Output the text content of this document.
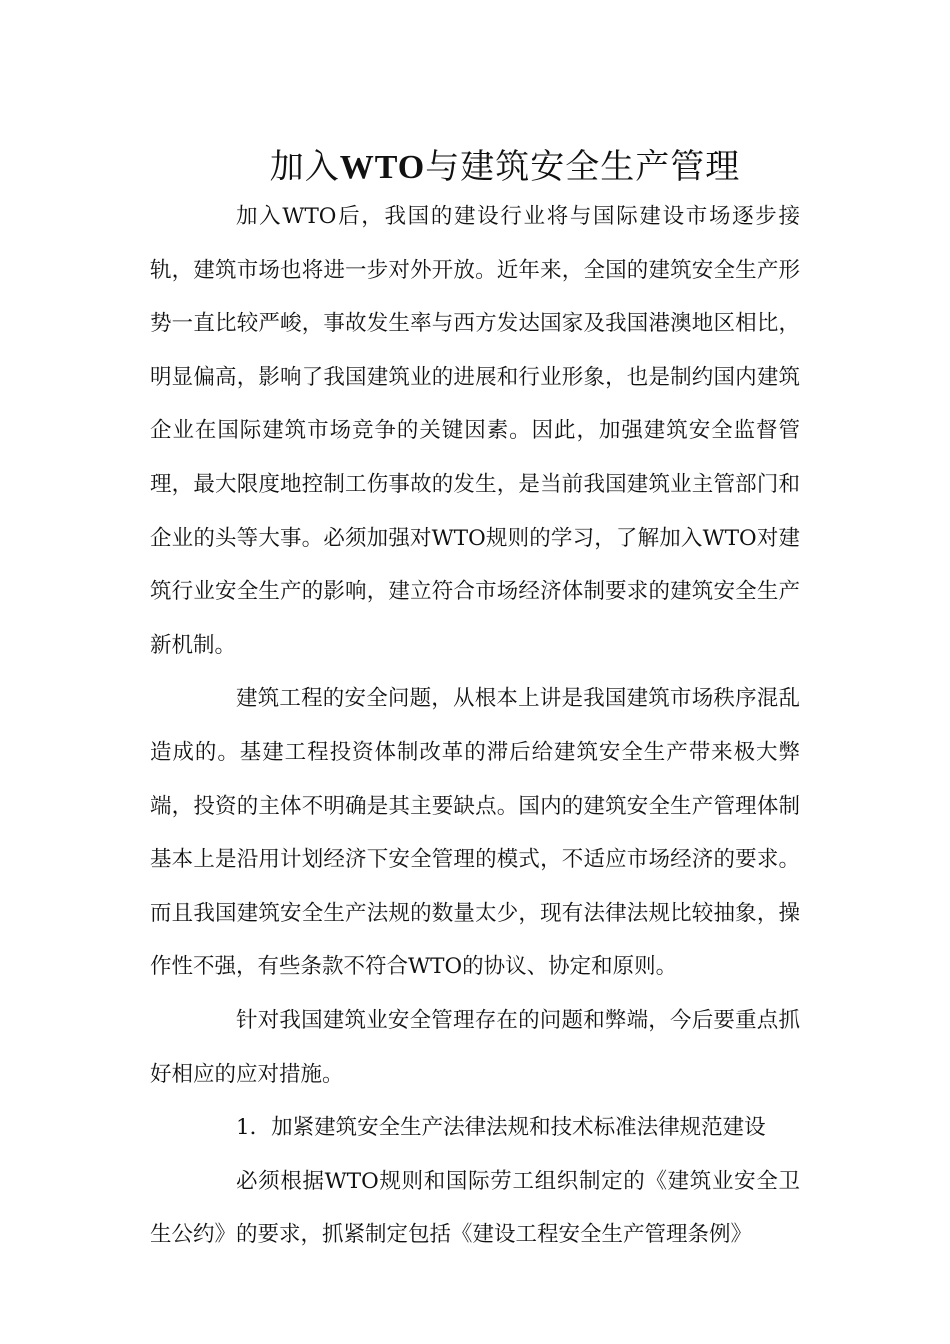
加入WTO与建筑安全生产管理

加入WTO后，我国的建设行业将与国际建设市场逐步接轨，建筑市场也将进一步对外开放。近年来，全国的建筑安全生产形势一直比较严峻，事故发生率与西方发达国家及我国港澳地区相比，明显偏高，影响了我国建筑业的进展和行业形象，也是制约国内建筑企业在国际建筑市场竞争的关键因素。因此，加强建筑安全监督管理，最大限度地控制工伤事故的发生，是当前我国建筑业主管部门和企业的头等大事。必须加强对WTO规则的学习，了解加入WTO对建筑行业安全生产的影响，建立符合市场经济体制要求的建筑安全生产新机制。

建筑工程的安全问题，从根本上讲是我国建筑市场秩序混乱造成的。基建工程投资体制改革的滞后给建筑安全生产带来极大弊端，投资的主体不明确是其主要缺点。国内的建筑安全生产管理体制基本上是沿用计划经济下安全管理的模式，不适应市场经济的要求。而且我国建筑安全生产法规的数量太少，现有法律法规比较抽象，操作性不强，有些条款不符合WTO的协议、协定和原则。

针对我国建筑业安全管理存在的问题和弊端，今后要重点抓好相应的应对措施。

1．加紧建筑安全生产法律法规和技术标准法律规范建设

必须根据WTO规则和国际劳工组织制定的《建筑业安全卫生公约》的要求，抓紧制定包括《建设工程安全生产管理条例》
